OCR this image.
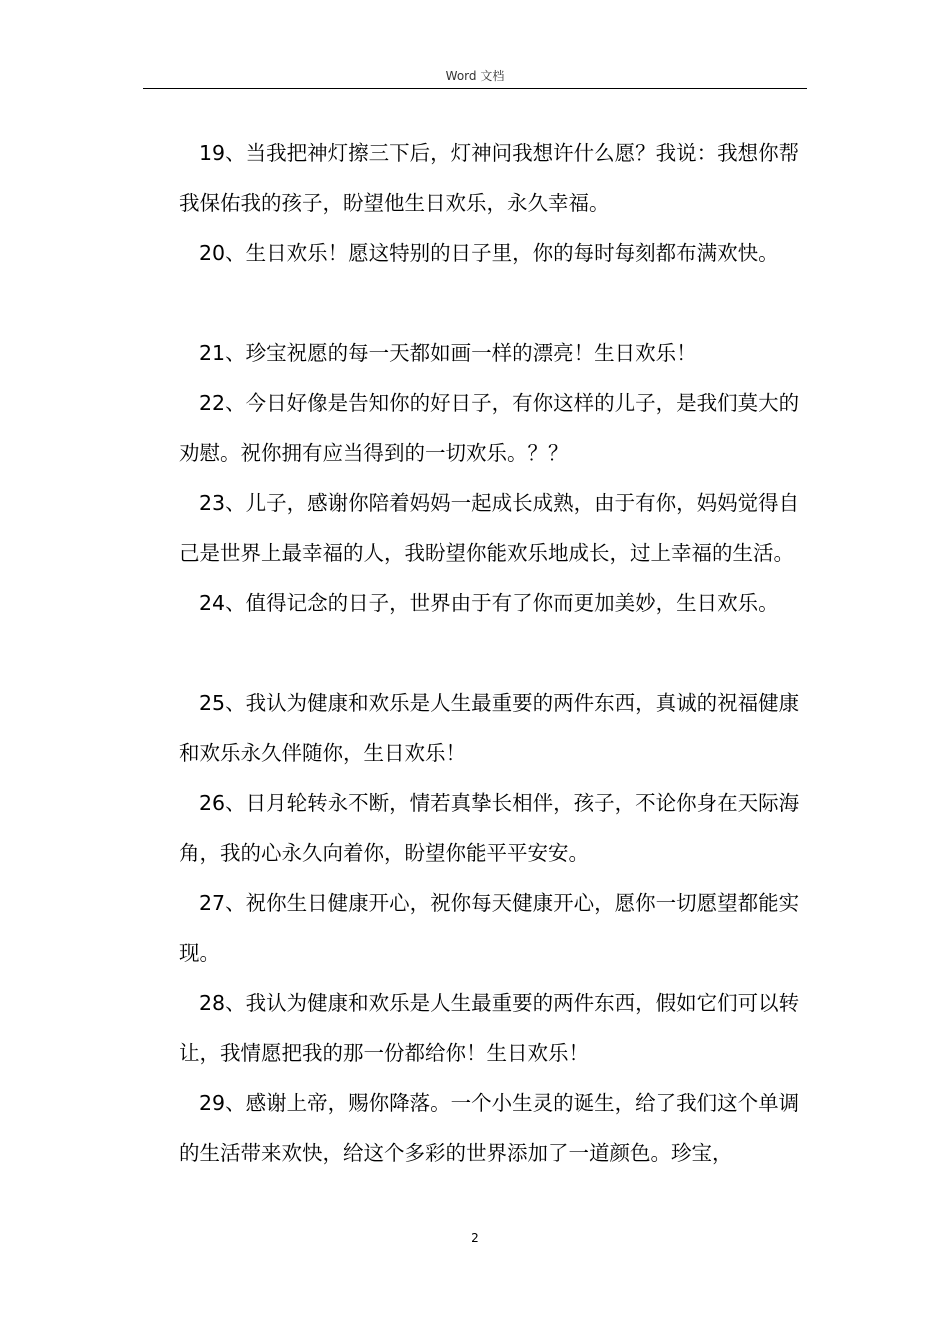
Word 文档

19、当我把神灯擦三下后，灯神问我想许什么愿？我说：我想你帮我保佑我的孩子，盼望他生日欢乐，永久幸福。

20、生日欢乐！愿这特别的日子里，你的每时每刻都布满欢快。

21、珍宝祝愿的每一天都如画一样的漂亮！生日欢乐！

22、今日好像是告知你的好日子，有你这样的儿子，是我们莫大的劝慰。祝你拥有应当得到的一切欢乐。？？

23、儿子，感谢你陪着妈妈一起成长成熟，由于有你，妈妈觉得自己是世界上最幸福的人，我盼望你能欢乐地成长，过上幸福的生活。

24、值得记念的日子，世界由于有了你而更加美妙，生日欢乐。

25、我认为健康和欢乐是人生最重要的两件东西，真诚的祝福健康和欢乐永久伴随你，生日欢乐！

26、日月轮转永不断，情若真挚长相伴，孩子，不论你身在天际海角，我的心永久向着你，盼望你能平平安安。

27、祝你生日健康开心，祝你每天健康开心，愿你一切愿望都能实现。

28、我认为健康和欢乐是人生最重要的两件东西，假如它们可以转让，我情愿把我的那一份都给你！生日欢乐！

29、感谢上帝，赐你降落。一个小生灵的诞生，给了我们这个单调的生活带来欢快，给这个多彩的世界添加了一道颜色。珍宝，

2
